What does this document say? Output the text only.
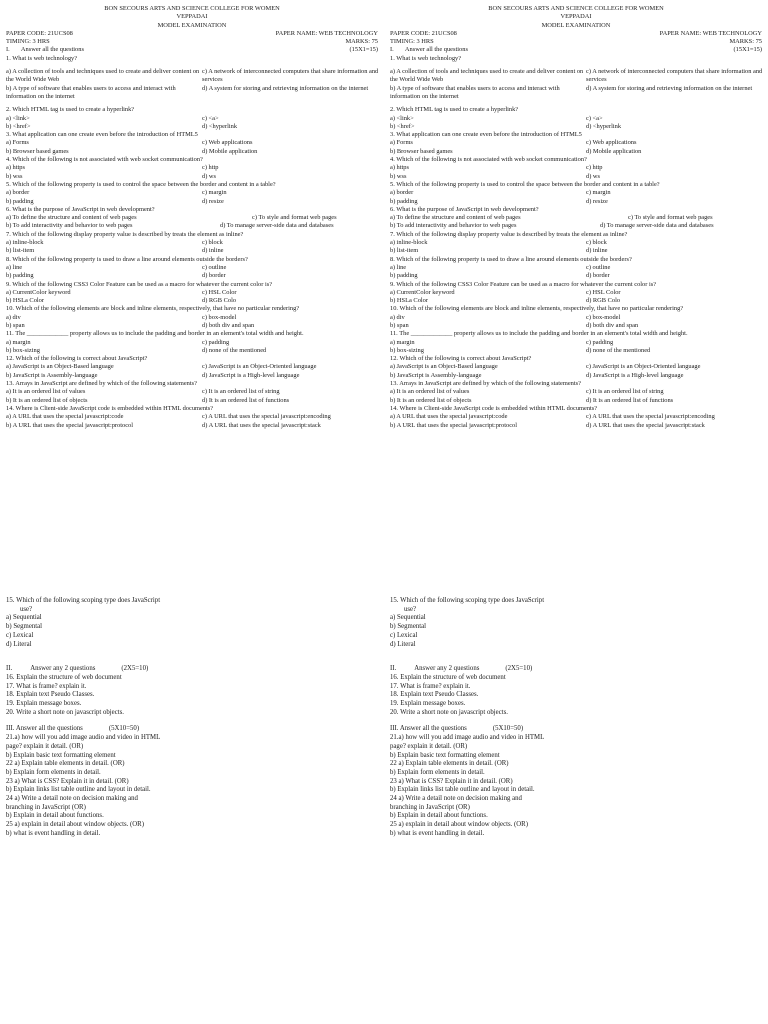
BON SECOURS ARTS AND SCIENCE COLLEGE FOR WOMEN
VEPPADAI
MODEL EXAMINATION
PAPER CODE: 21UCS08	PAPER NAME: WEB TECHNOLOGY
TIMING: 3 HRS	MARKS: 75
I. Answer all the questions	(15X1=15)
1. What is web technology?
a) A collection of tools and techniques used to create and deliver content on the World Wide Web
c) A network of interconnected computers that share information and services
b) A type of software that enables users to access and interact with information on the internet
d) A system for storing and retrieving information on the internet
2. Which HTML tag is used to create a hyperlink?
a) <link>	c) <a>
b) <href>	d) <hyperlink
3. What application can one create even before the introduction of HTML5
a) Forms	c) Web applications
b) Browser based games	d) Mobile application
4. Which of the following is not associated with web socket communication?
a) https	c) http
b) wss	d) ws
5. Which of the following property is used to control the space between the border and content in a table?
a) border	c) margin
b) padding	d) resize
6. What is the purpose of JavaScript in web development?
a) To define the structure and content of web pages	c) To style and format web pages
b) To add interactivity and behavior to web pages	d) To manage server-side data and databases
7. Which of the following display property value is described by treats the element as inline?
a) inline-block	c) block
b) list-item	d) inline
8. Which of the following property is used to draw a line around elements outside the borders?
a) line	c) outline
b) padding	d) border
9. Which of the following CSS3 Color Feature can be used as a macro for whatever the current color is?
a) CurrentColor keyword	c) HSL Color
b) HSLa Color	d) RGB Colo
10. Which of the following elements are block and inline elements, respectively, that have no particular rendering?
a) div	c) box-model
b) span	d) both div and span
11. The _____________ property allows us to include the padding and border in an element's total width and height.
a) margin	c) padding
b) box-sizing	d) none of the mentioned
12. Which of the following is correct about JavaScript?
a) JavaScript is an Object-Based language	c) JavaScript is an Object-Oriented language
b) JavaScript is Assembly-language	d) JavaScript is a High-level language
13. Arrays in JavaScript are defined by which of the following statements?
a) It is an ordered list of values	c) It is an ordered list of string
b) It is an ordered list of objects	d) It is an ordered list of functions
14. Where is Client-side JavaScript code is embedded within HTML documents?
a) A URL that uses the special javascript:code	c) A URL that uses the special javascript:encoding
b) A URL that uses the special javascript:protocol	d) A URL that uses the special javascript:stack
15. Which of the following scoping type does JavaScript
use?
a) Sequential
b) Segmental
c) Lexical
d) Literal
II.	Answer any 2 questions	(2X5=10)
16. Explain the structure of web document
17. What is frame? explain it.
18. Explain text Pseudo Classes.
19. Explain message boxes.
20. Write a short note on javascript objects.
III. Answer all the questions	(5X10=50)
21.a) how will you add image audio and video in HTML
page? explain it detail. (OR)
b) Explain basic text formatting element
22 a) Explain table elements in detail. (OR)
b) Explain form elements in detail.
23 a) What is CSS? Explain it in detail. (OR)
b) Explain links list table outline and layout in detail.
24 a) Write a detail note on decision making and
branching in JavaScript (OR)
b) Explain in detail about functions.
25 a) explain in detail about window objects. (OR)
b) what is event handling in detail.
BON SECOURS ARTS AND SCIENCE COLLEGE FOR WOMEN
VEPPADAI
MODEL EXAMINATION
PAPER CODE: 21UCS08	PAPER NAME: WEB TECHNOLOGY
TIMING: 3 HRS	MARKS: 75
I. Answer all the questions	(15X1=15)
1. What is web technology?
a) A collection of tools and techniques used to create and deliver content on the World Wide Web
c) A network of interconnected computers that share information and services
b) A type of software that enables users to access and interact with information on the internet
d) A system for storing and retrieving information on the internet
2. Which HTML tag is used to create a hyperlink?
a) <link>	c) <a>
b) <href>	d) <hyperlink
3. What application can one create even before the introduction of HTML5
a) Forms	c) Web applications
b) Browser based games	d) Mobile application
4. Which of the following is not associated with web socket communication?
a) https	c) http
b) wss	d) ws
5. Which of the following property is used to control the space between the border and content in a table?
a) border	c) margin
b) padding	d) resize
6. What is the purpose of JavaScript in web development?
a) To define the structure and content of web pages	c) To style and format web pages
b) To add interactivity and behavior to web pages	d) To manage server-side data and databases
7. Which of the following display property value is described by treats the element as inline?
a) inline-block	c) block
b) list-item	d) inline
8. Which of the following property is used to draw a line around elements outside the borders?
a) line	c) outline
b) padding	d) border
9. Which of the following CSS3 Color Feature can be used as a macro for whatever the current color is?
a) CurrentColor keyword	c) HSL Color
b) HSLa Color	d) RGB Colo
10. Which of the following elements are block and inline elements, respectively, that have no particular rendering?
a) div	c) box-model
b) span	d) both div and span
11. The _____________ property allows us to include the padding and border in an element's total width and height.
a) margin	c) padding
b) box-sizing	d) none of the mentioned
12. Which of the following is correct about JavaScript?
a) JavaScript is an Object-Based language	c) JavaScript is an Object-Oriented language
b) JavaScript is Assembly-language	d) JavaScript is a High-level language
13. Arrays in JavaScript are defined by which of the following statements?
a) It is an ordered list of values	c) It is an ordered list of string
b) It is an ordered list of objects	d) It is an ordered list of functions
14. Where is Client-side JavaScript code is embedded within HTML documents?
a) A URL that uses the special javascript:code	c) A URL that uses the special javascript:encoding
b) A URL that uses the special javascript:protocol	d) A URL that uses the special javascript:stack
15. Which of the following scoping type does JavaScript
use?
a) Sequential
b) Segmental
c) Lexical
d) Literal
II.	Answer any 2 questions	(2X5=10)
16. Explain the structure of web document
17. What is frame? explain it.
18. Explain text Pseudo Classes.
19. Explain message boxes.
20. Write a short note on javascript objects.
III. Answer all the questions	(5X10=50)
21.a) how will you add image audio and video in HTML
page? explain it detail. (OR)
b) Explain basic text formatting element
22 a) Explain table elements in detail. (OR)
b) Explain form elements in detail.
23 a) What is CSS? Explain it in detail. (OR)
b) Explain links list table outline and layout in detail.
24 a) Write a detail note on decision making and
branching in JavaScript (OR)
b) Explain in detail about functions.
25 a) explain in detail about window objects. (OR)
b) what is event handling in detail.
